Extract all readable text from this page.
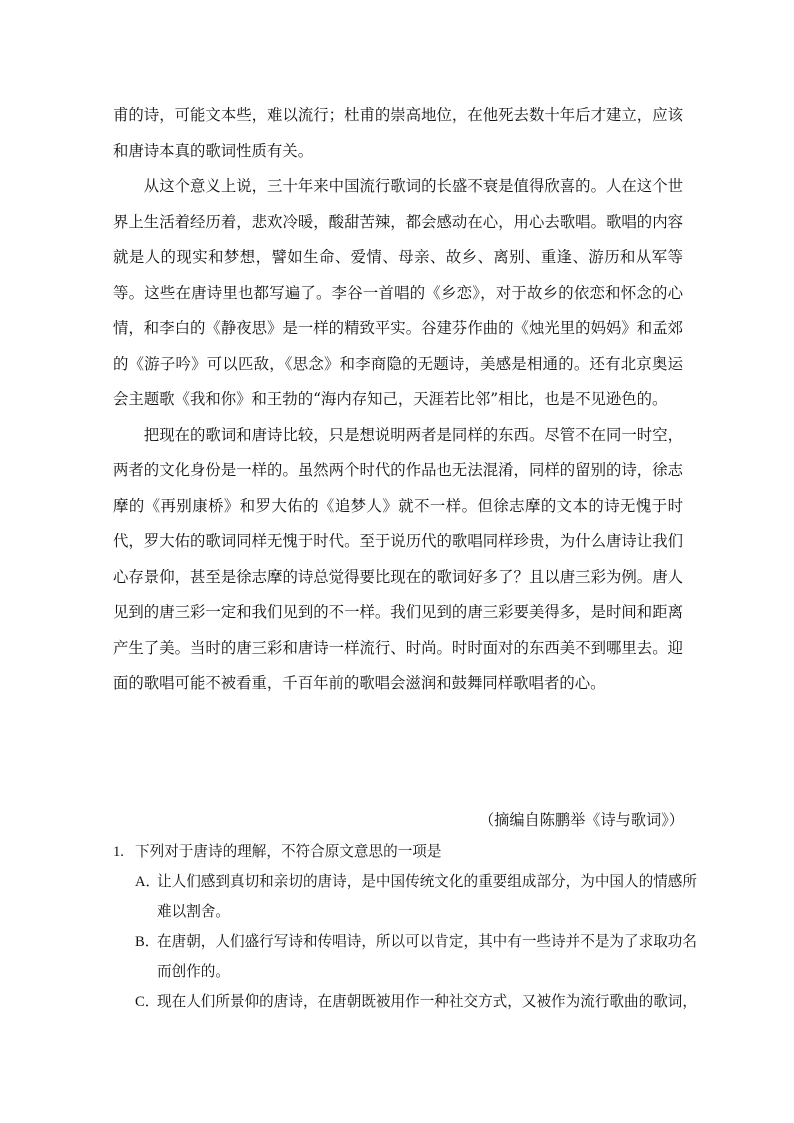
甫的诗，可能文本些，难以流行；杜甫的崇高地位，在他死去数十年后才建立，应该和唐诗本真的歌词性质有关。

从这个意义上说，三十年来中国流行歌词的长盛不衰是值得欣喜的。人在这个世界上生活着经历着，悲欢冷暖，酸甜苦辣，都会感动在心，用心去歌唱。歌唱的内容就是人的现实和梦想，譬如生命、爱情、母亲、故乡、离别、重逢、游历和从军等等。这些在唐诗里也都写遍了。李谷一首唱的《乡恋》，对于故乡的依恋和怀念的心情，和李白的《静夜思》是一样的精致平实。谷建芬作曲的《烛光里的妈妈》和孟郊的《游子吟》可以匹敌，《思念》和李商隐的无题诗，美感是相通的。还有北京奥运会主题歌《我和你》和王勃的“海内存知己，天涯若比邻”相比，也是不见逊色的。

把现在的歌词和唐诗比较，只是想说明两者是同样的东西。尽管不在同一时空，两者的文化身份是一样的。虽然两个时代的作品也无法混淆，同样的留别的诗，徐志摩的《再别康桥》和罗大佑的《追梦人》就不一样。但徐志摩的文本的诗无愧于时代，罗大佑的歌词同样无愧于时代。至于说历代的歌唱同样珍贵，为什么唐诗让我们心存景仰，甚至是徐志摩的诗总觉得要比现在的歌词好多了？且以唐三彩为例。唐人见到的唐三彩一定和我们见到的不一样。我们见到的唐三彩要美得多，是时间和距离产生了美。当时的唐三彩和唐诗一样流行、时尚。时时面对的东西美不到哪里去。迎面的歌唱可能不被看重，千百年前的歌唱会滋润和鼓舞同样歌唱者的心。

（摘编自陈鹏举《诗与歌词》）
1. 下列对于唐诗的理解，不符合原文意思的一项是
A．让人们感到真切和亲切的唐诗，是中国传统文化的重要组成部分，为中国人的情感所
难以割舍。
B．在唐朝，人们盛行写诗和传唱诗，所以可以肯定，其中有一些诗并不是为了求取功名
而创作的。
C．现在人们所景仰的唐诗，在唐朝既被用作一种社交方式，又被作为流行歌曲的歌词，
